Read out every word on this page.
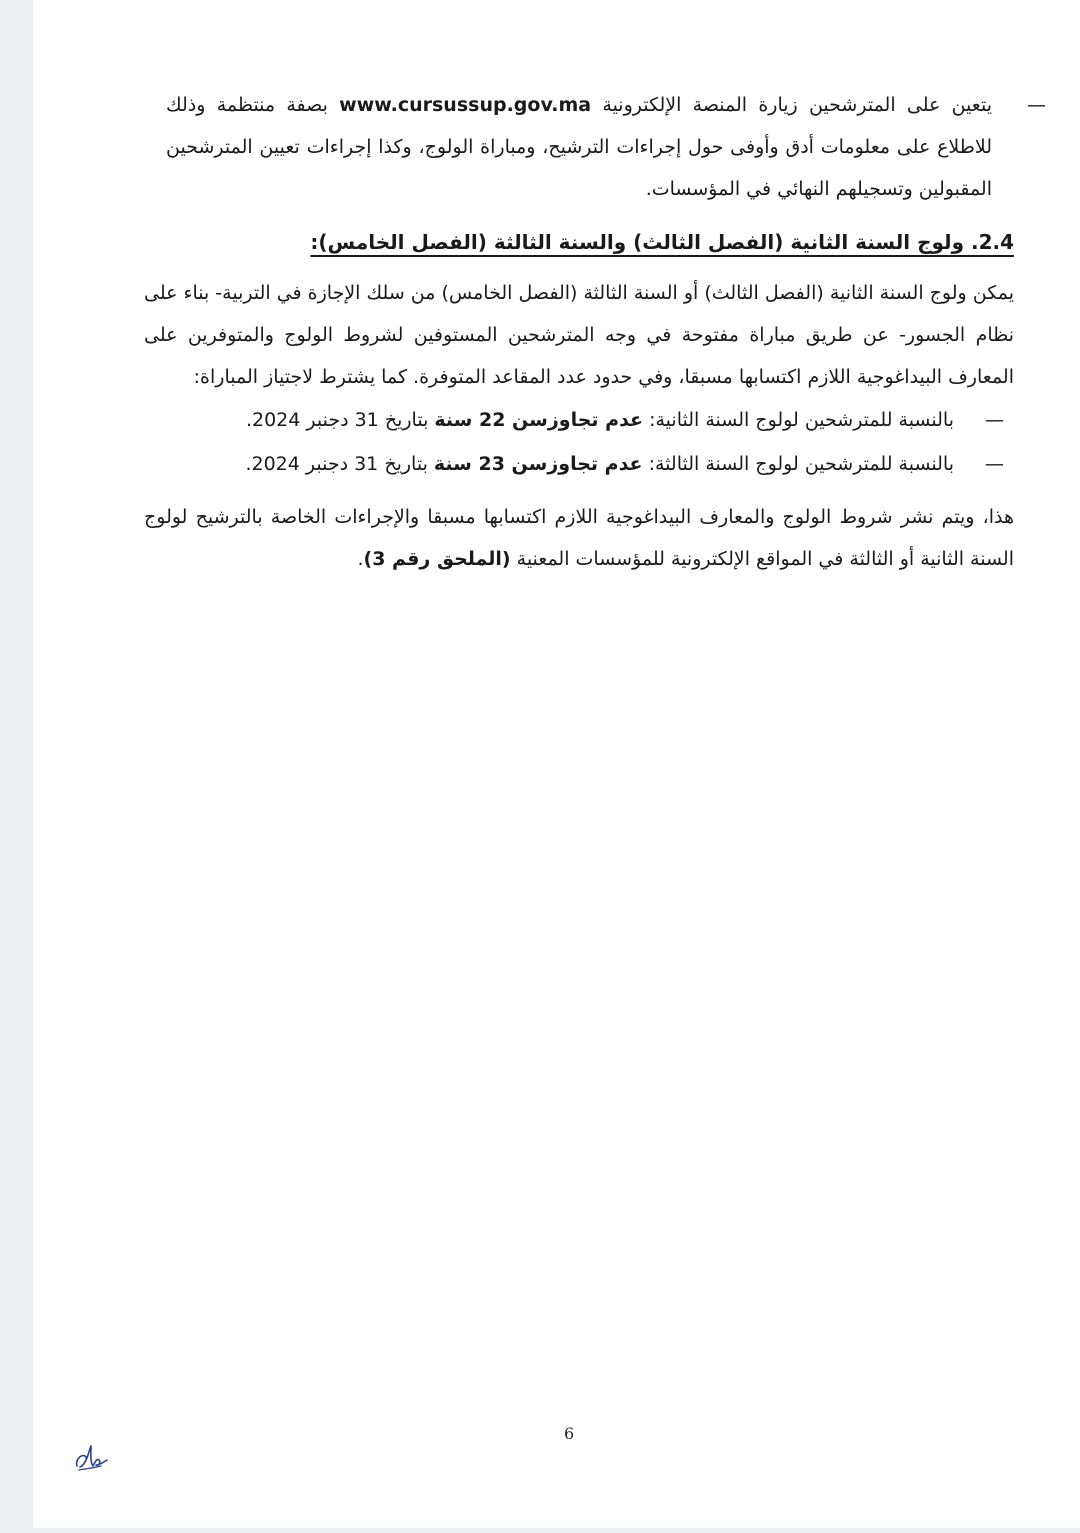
—
يتعين على المترشحين زيارة المنصة الإلكترونية www.cursussup.gov.ma بصفة منتظمة وذلك للاطلاع على معلومات أدق وأوفى حول إجراءات الترشيح، ومباراة الولوج، وكذا إجراءات تعيين المترشحين المقبولين وتسجيلهم النهائي في المؤسسات.
2.4. ولوج السنة الثانية (الفصل الثالث) والسنة الثالثة (الفصل الخامس):
يمكن ولوج السنة الثانية (الفصل الثالث) أو السنة الثالثة (الفصل الخامس) من سلك الإجازة في التربية- بناء على نظام الجسور- عن طريق مباراة مفتوحة في وجه المترشحين المستوفين لشروط الولوج والمتوفرين على المعارف البيداغوجية اللازم اكتسابها مسبقا، وفي حدود عدد المقاعد المتوفرة. كما يشترط لاجتياز المباراة:
—بالنسبة للمترشحين لولوج السنة الثانية: عدم تجاوزسن 22 سنة بتاريخ 31 دجنبر 2024.
—بالنسبة للمترشحين لولوج السنة الثالثة: عدم تجاوزسن 23 سنة بتاريخ 31 دجنبر 2024.
هذا، ويتم نشر شروط الولوج والمعارف البيداغوجية اللازم اكتسابها مسبقا والإجراءات الخاصة بالترشيح لولوج السنة الثانية أو الثالثة في المواقع الإلكترونية للمؤسسات المعنية (الملحق رقم 3).
6
